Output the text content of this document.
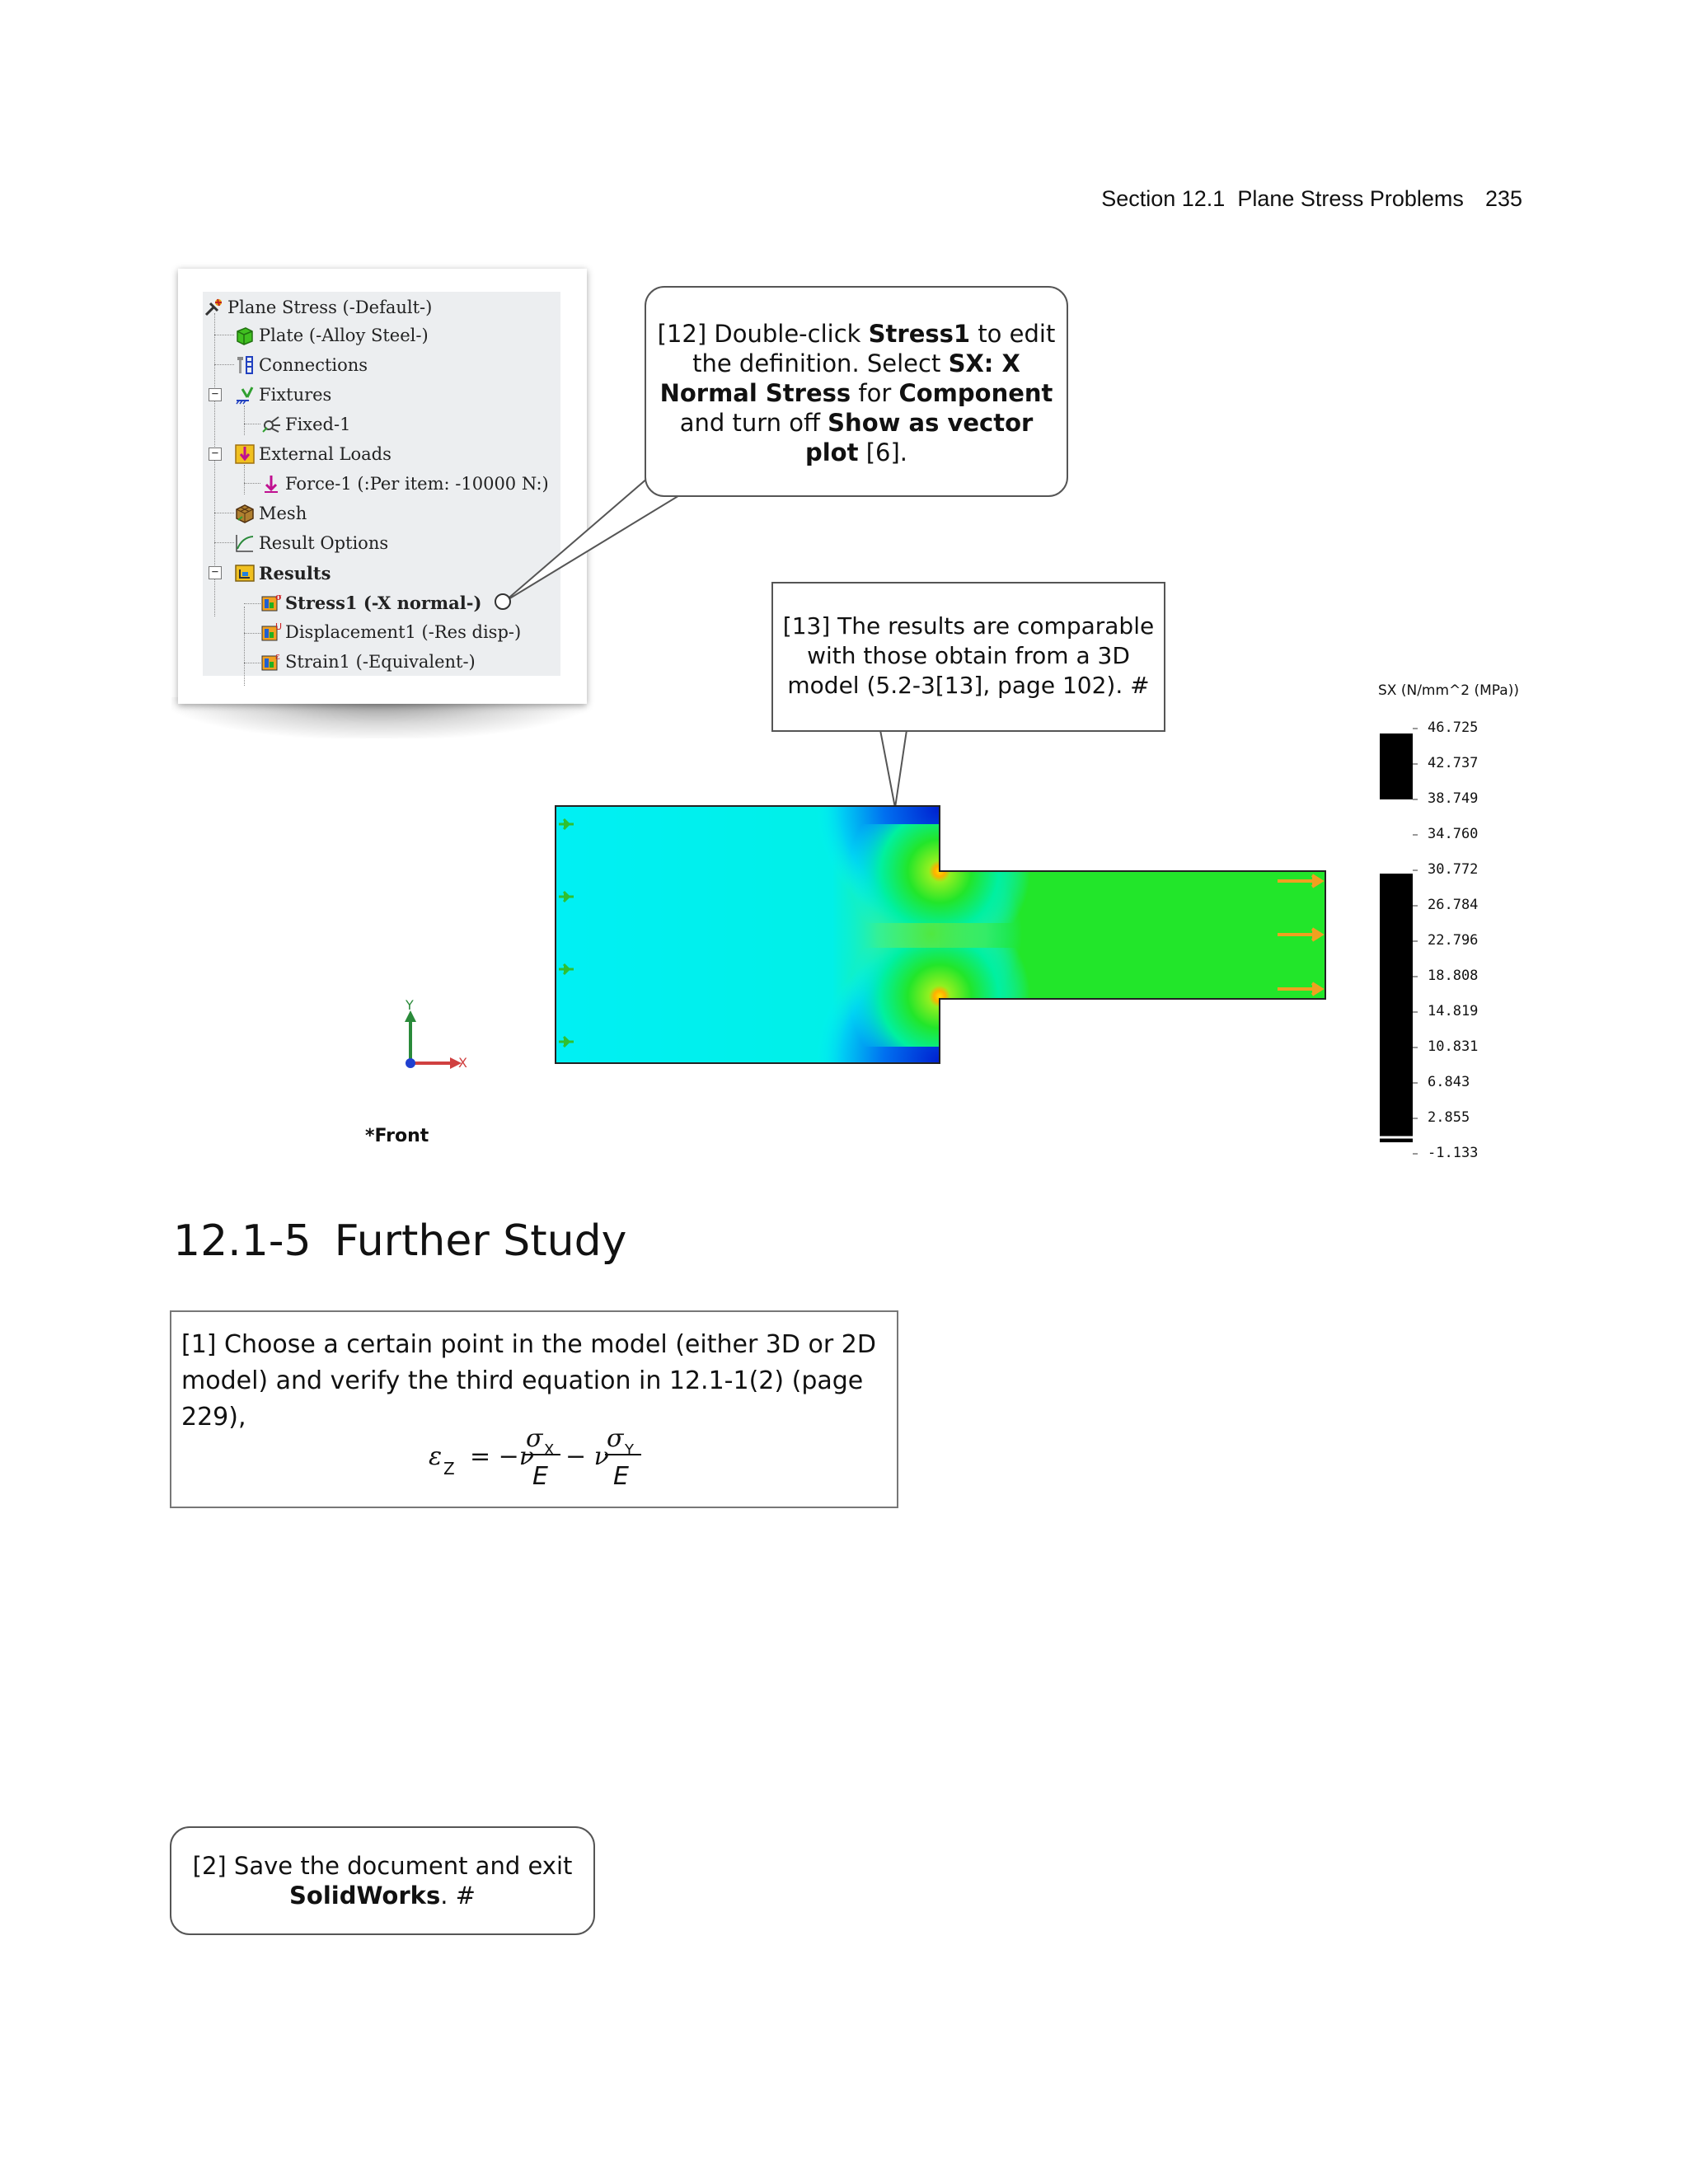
Section 12.1 Plane Stress Problems 235
−
−
−
Plane Stress (-Default-)
Plate (-Alloy Steel-)
Connections
Fixtures
Fixed-1
External Loads
Force-1 (:Per item: -10000 N:)
Mesh
Result Options
Results
σ Stress1 (-X normal-)
U Displacement1 (-Res disp-)
ε Strain1 (-Equivalent-)
[12] Double-click Stress1 to edit the definition. Select SX: X Normal Stress for Component and turn off Show as vector plot [6].
[13] The results are comparable with those obtain from a 3D model (5.2-3[13], page 102). #
Y
X
*Front
SX (N/mm^2 (MPa))
46.725
42.737
38.749
34.760
30.772
26.784
22.796
18.808
14.819
10.831
6.843
2.855
-1.133
12.1-5 Further Study
[1] Choose a certain point in the model (either 3D or 2D model) and verify the third equation in 12.1-1(2) (page 229),
ε Z = −ν
σ X
E
− ν
σ Y
E
[2] Save the document and exit
SolidWorks. #
